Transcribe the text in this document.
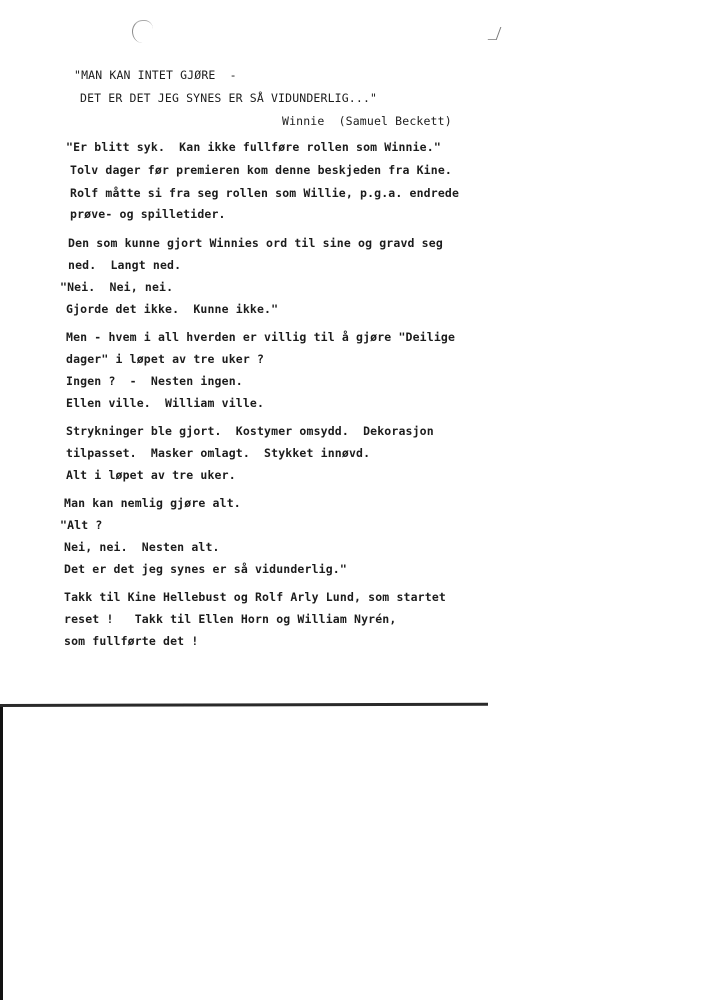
"MAN KAN INTET GJØRE  -
DET ER DET JEG SYNES ER SÅ VIDUNDERLIG..."
Winnie  (Samuel Beckett)
"Er blitt syk.  Kan ikke fullføre rollen som Winnie."
Tolv dager før premieren kom denne beskjeden fra Kine.
Rolf måtte si fra seg rollen som Willie, p.g.a. endrede
prøve- og spilletider.
Den som kunne gjort Winnies ord til sine og gravd seg
ned.  Langt ned.
"Nei.  Nei, nei.
Gjorde det ikke.  Kunne ikke."
Men - hvem i all hverden er villig til å gjøre "Deilige
dager" i løpet av tre uker ?
Ingen ?  -  Nesten ingen.
Ellen ville.  William ville.
Strykninger ble gjort.  Kostymer omsydd.  Dekorasjon
tilpasset.  Masker omlagt.  Stykket innøvd.
Alt i løpet av tre uker.
Man kan nemlig gjøre alt.
"Alt ?
Nei, nei.  Nesten alt.
Det er det jeg synes er så vidunderlig."
Takk til Kine Hellebust og Rolf Arly Lund, som startet
reset !   Takk til Ellen Horn og William Nyrén,
som fullførte det !
